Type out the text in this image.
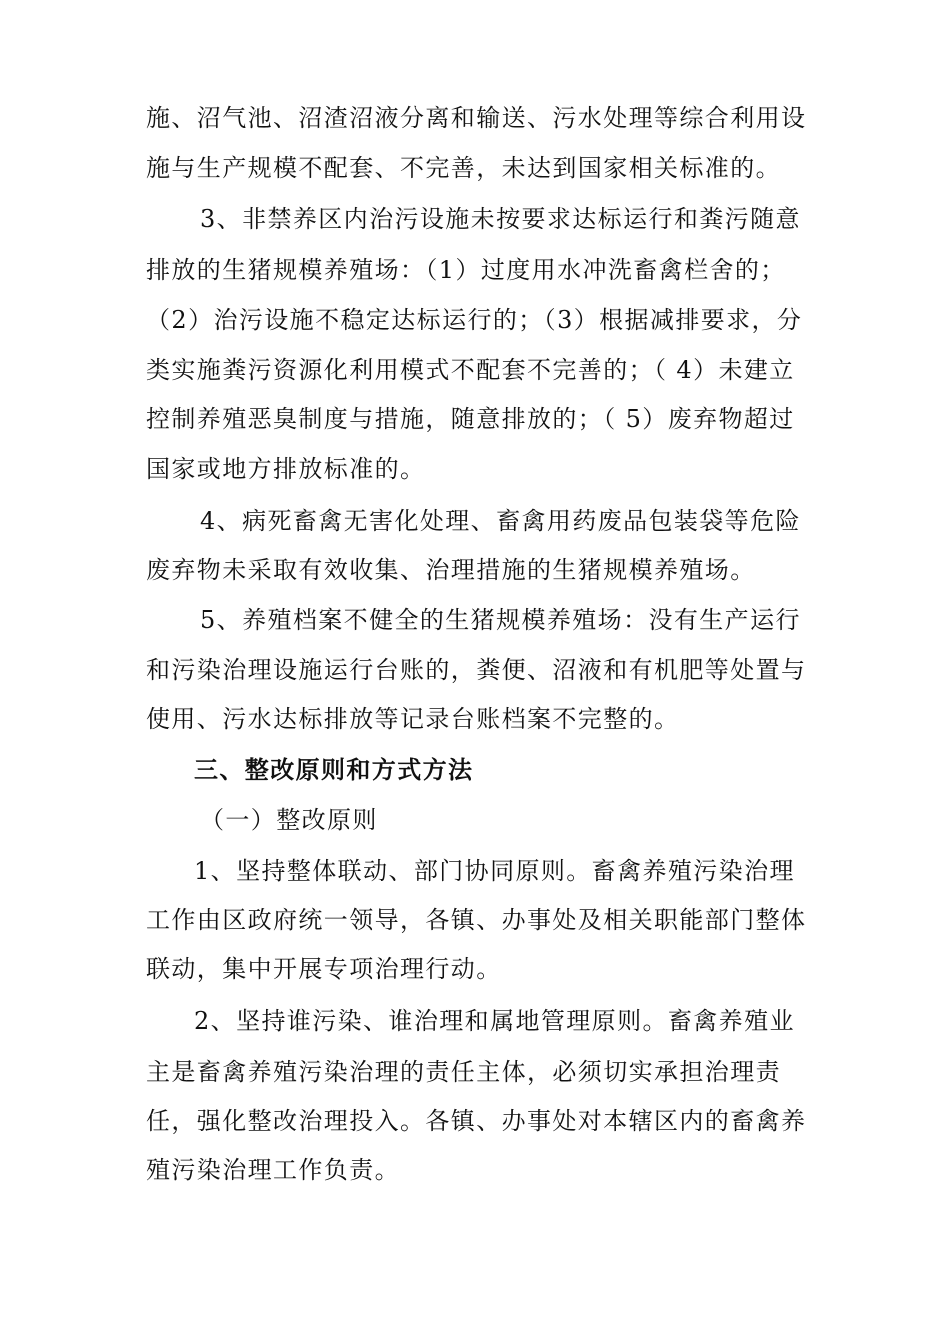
施、沼气池、沼渣沼液分离和输送、污水处理等综合利用设
施与生产规模不配套、不完善，未达到国家相关标准的。
3、非禁养区内治污设施未按要求达标运行和粪污随意
排放的生猪规模养殖场：（1）过度用水冲洗畜禽栏舍的；
（2）治污设施不稳定达标运行的；（3）根据减排要求，分
类实施粪污资源化利用模式不配套不完善的；（ 4）未建立
控制养殖恶臭制度与措施，随意排放的；（ 5）废弃物超过
国家或地方排放标准的。
4、病死畜禽无害化处理、畜禽用药废品包装袋等危险
废弃物未采取有效收集、治理措施的生猪规模养殖场。
5、养殖档案不健全的生猪规模养殖场：没有生产运行
和污染治理设施运行台账的，粪便、沼液和有机肥等处置与
使用、污水达标排放等记录台账档案不完整的。
三、整改原则和方式方法
（一）整改原则
1、坚持整体联动、部门协同原则。畜禽养殖污染治理
工作由区政府统一领导，各镇、办事处及相关职能部门整体
联动，集中开展专项治理行动。
2、坚持谁污染、谁治理和属地管理原则。畜禽养殖业
主是畜禽养殖污染治理的责任主体，必须切实承担治理责
任，强化整改治理投入。各镇、办事处对本辖区内的畜禽养
殖污染治理工作负责。
